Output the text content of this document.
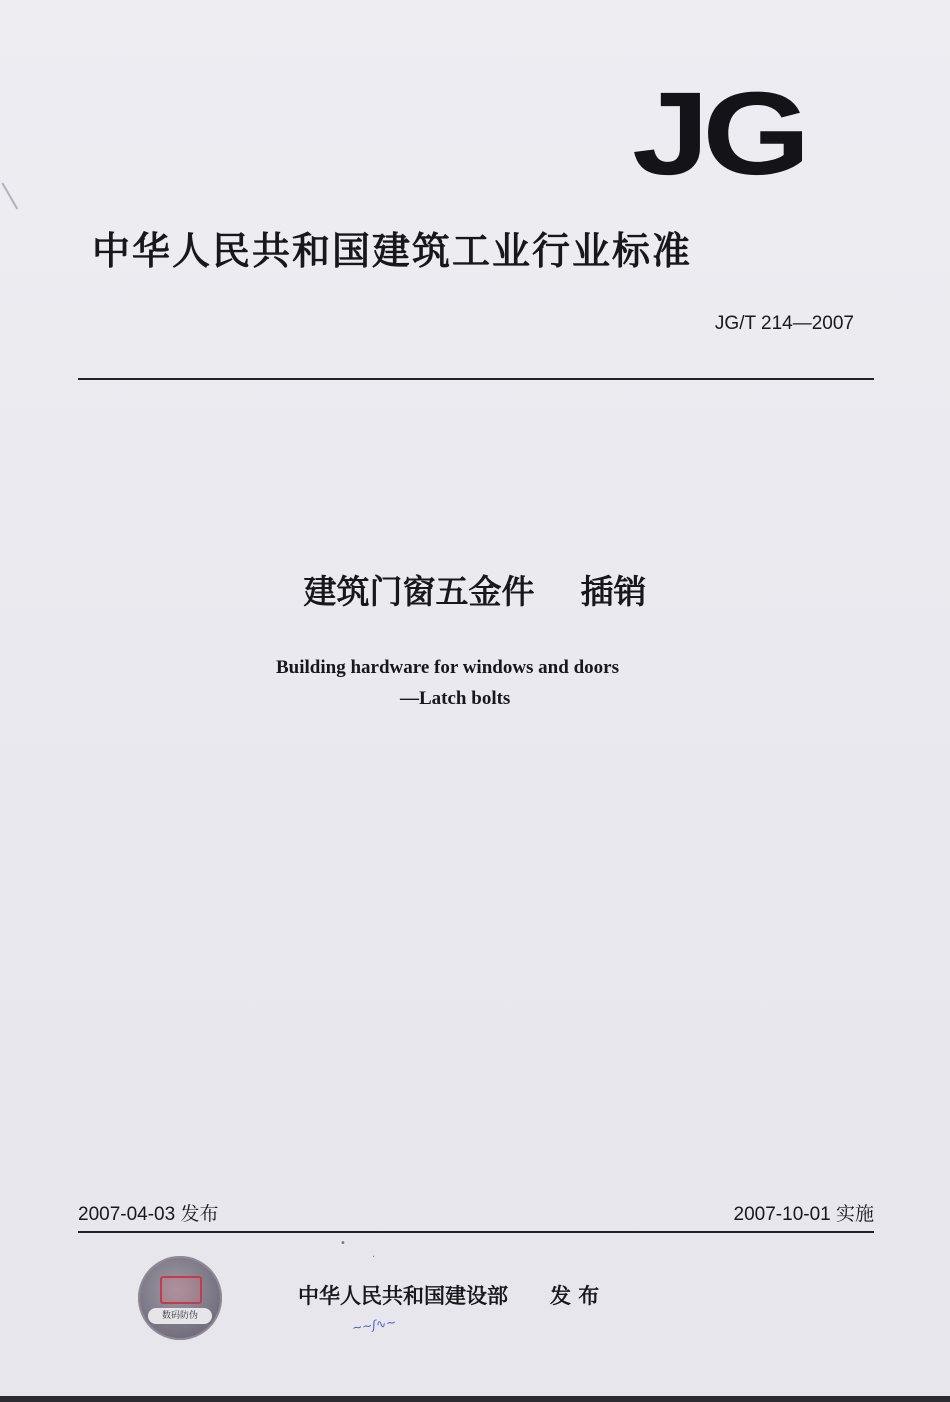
JG
中华人民共和国建筑工业行业标准
JG/T 214—2007
建筑门窗五金件 插销
Building hardware for windows and doors
—Latch bolts
2007-04-03 发布	2007-10-01 实施
数码防伪
•
·
中华人民共和国建设部 发 布
~~ʃ∿~
